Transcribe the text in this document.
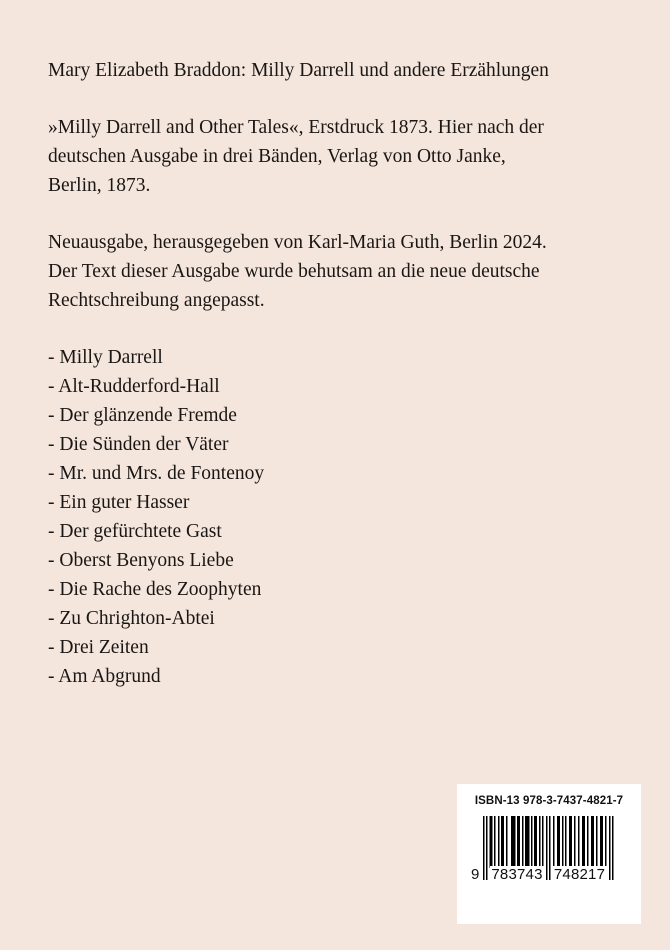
Mary Elizabeth Braddon: Milly Darrell und andere Erzählungen
»Milly Darrell and Other Tales«, Erstdruck 1873. Hier nach der
deutschen Ausgabe in drei Bänden, Verlag von Otto Janke,
Berlin, 1873.
Neuausgabe, herausgegeben von Karl-Maria Guth, Berlin 2024.
Der Text dieser Ausgabe wurde behutsam an die neue deutsche
Rechtschreibung angepasst.
- Milly Darrell
- Alt-Rudderford-Hall
- Der glänzende Fremde
- Die Sünden der Väter
- Mr. und Mrs. de Fontenoy
- Ein guter Hasser
- Der gefürchtete Gast
- Oberst Benyons Liebe
- Die Rache des Zoophyten
- Zu Chrighton-Abtei
- Drei Zeiten
- Am Abgrund
ISBN-13 978-3-7437-4821-7
9 783743 748217
